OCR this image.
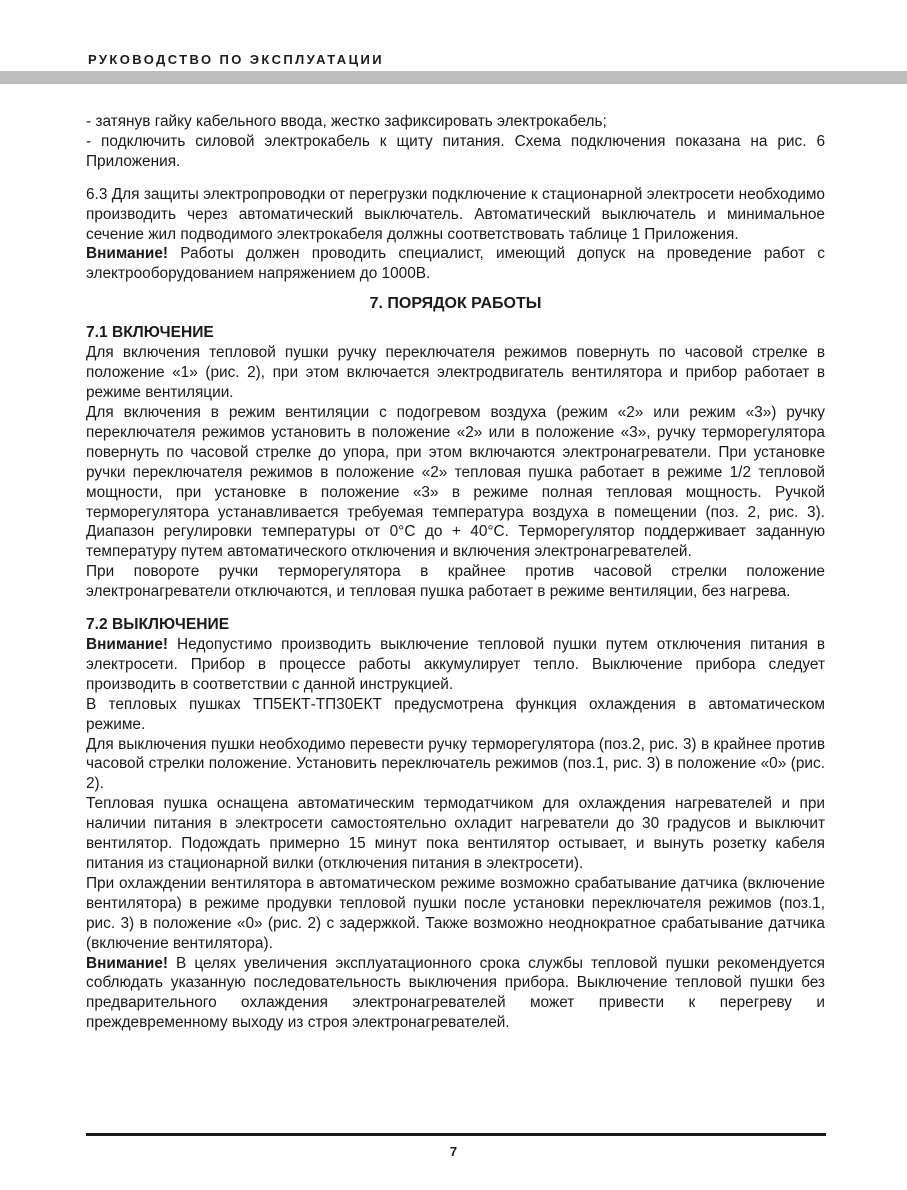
РУКОВОДСТВО ПО ЭКСПЛУАТАЦИИ

- затянув гайку кабельного ввода, жестко зафиксировать электрокабель;

- подключить силовой электрокабель к щиту питания. Схема подключения показана на рис. 6 Приложения.

6.3 Для защиты электропроводки от перегрузки подключение к стационарной электросети необходимо производить через автоматический выключатель. Автоматический выключатель и минимальное сечение жил подводимого электрокабеля должны соответствовать таблице 1 Приложения.

Внимание! Работы должен проводить специалист, имеющий допуск на проведение работ с электрооборудованием напряжением до 1000В.

7. ПОРЯДОК РАБОТЫ
7.1 ВКЛЮЧЕНИЕ

Для включения тепловой пушки ручку переключателя режимов повернуть по часовой стрелке в положение «1» (рис. 2), при этом включается электродвигатель вентилятора и прибор работает в режиме вентиляции.

Для включения в режим вентиляции с подогревом воздуха (режим «2» или режим «3») ручку переключателя режимов установить в положение «2» или в положение «3», ручку терморегулятора повернуть по часовой стрелке до упора, при этом включаются электронагреватели. При установке ручки переключателя режимов в положение «2» тепловая пушка работает в режиме 1/2 тепловой мощности, при установке в положение «3» в режиме полная тепловая мощность. Ручкой терморегулятора устанавливается требуемая температура воздуха в помещении (поз. 2, рис. 3). Диапазон регулировки температуры от 0°С до + 40°С. Терморегулятор поддерживает заданную температуру путем автоматического отключения и включения электронагревателей.

При повороте ручки терморегулятора в крайнее против часовой стрелки положение электронагреватели отключаются, и тепловая пушка работает в режиме вентиляции, без нагрева.

7.2 ВЫКЛЮЧЕНИЕ

Внимание! Недопустимо производить выключение тепловой пушки путем отключения питания в электросети. Прибор в процессе работы аккумулирует тепло. Выключение прибора следует производить в соответствии с данной инструкцией.

В тепловых пушках ТП5ЕКТ-ТП30ЕКТ предусмотрена функция охлаждения в автоматическом режиме.

Для выключения пушки необходимо перевести ручку терморегулятора (поз.2, рис. 3) в крайнее против часовой стрелки положение. Установить переключатель режимов (поз.1, рис. 3) в положение «0» (рис. 2).

Тепловая пушка оснащена автоматическим термодатчиком для охлаждения нагревателей и при наличии питания в электросети самостоятельно охладит нагреватели до 30 градусов и выключит вентилятор. Подождать примерно 15 минут пока вентилятор остывает, и вынуть розетку кабеля питания из стационарной вилки (отключения питания в электросети).

При охлаждении вентилятора в автоматическом режиме возможно срабатывание датчика (включение вентилятора) в режиме продувки тепловой пушки после установки переключателя режимов (поз.1, рис. 3) в положение «0» (рис. 2) с задержкой. Также возможно неоднократное срабатывание датчика (включение вентилятора).

Внимание! В целях увеличения эксплуатационного срока службы тепловой пушки рекомендуется соблюдать указанную последовательность выключения прибора. Выключение тепловой пушки без предварительного охлаждения электронагревателей может привести к перегреву и преждевременному выходу из строя электронагревателей.

7
